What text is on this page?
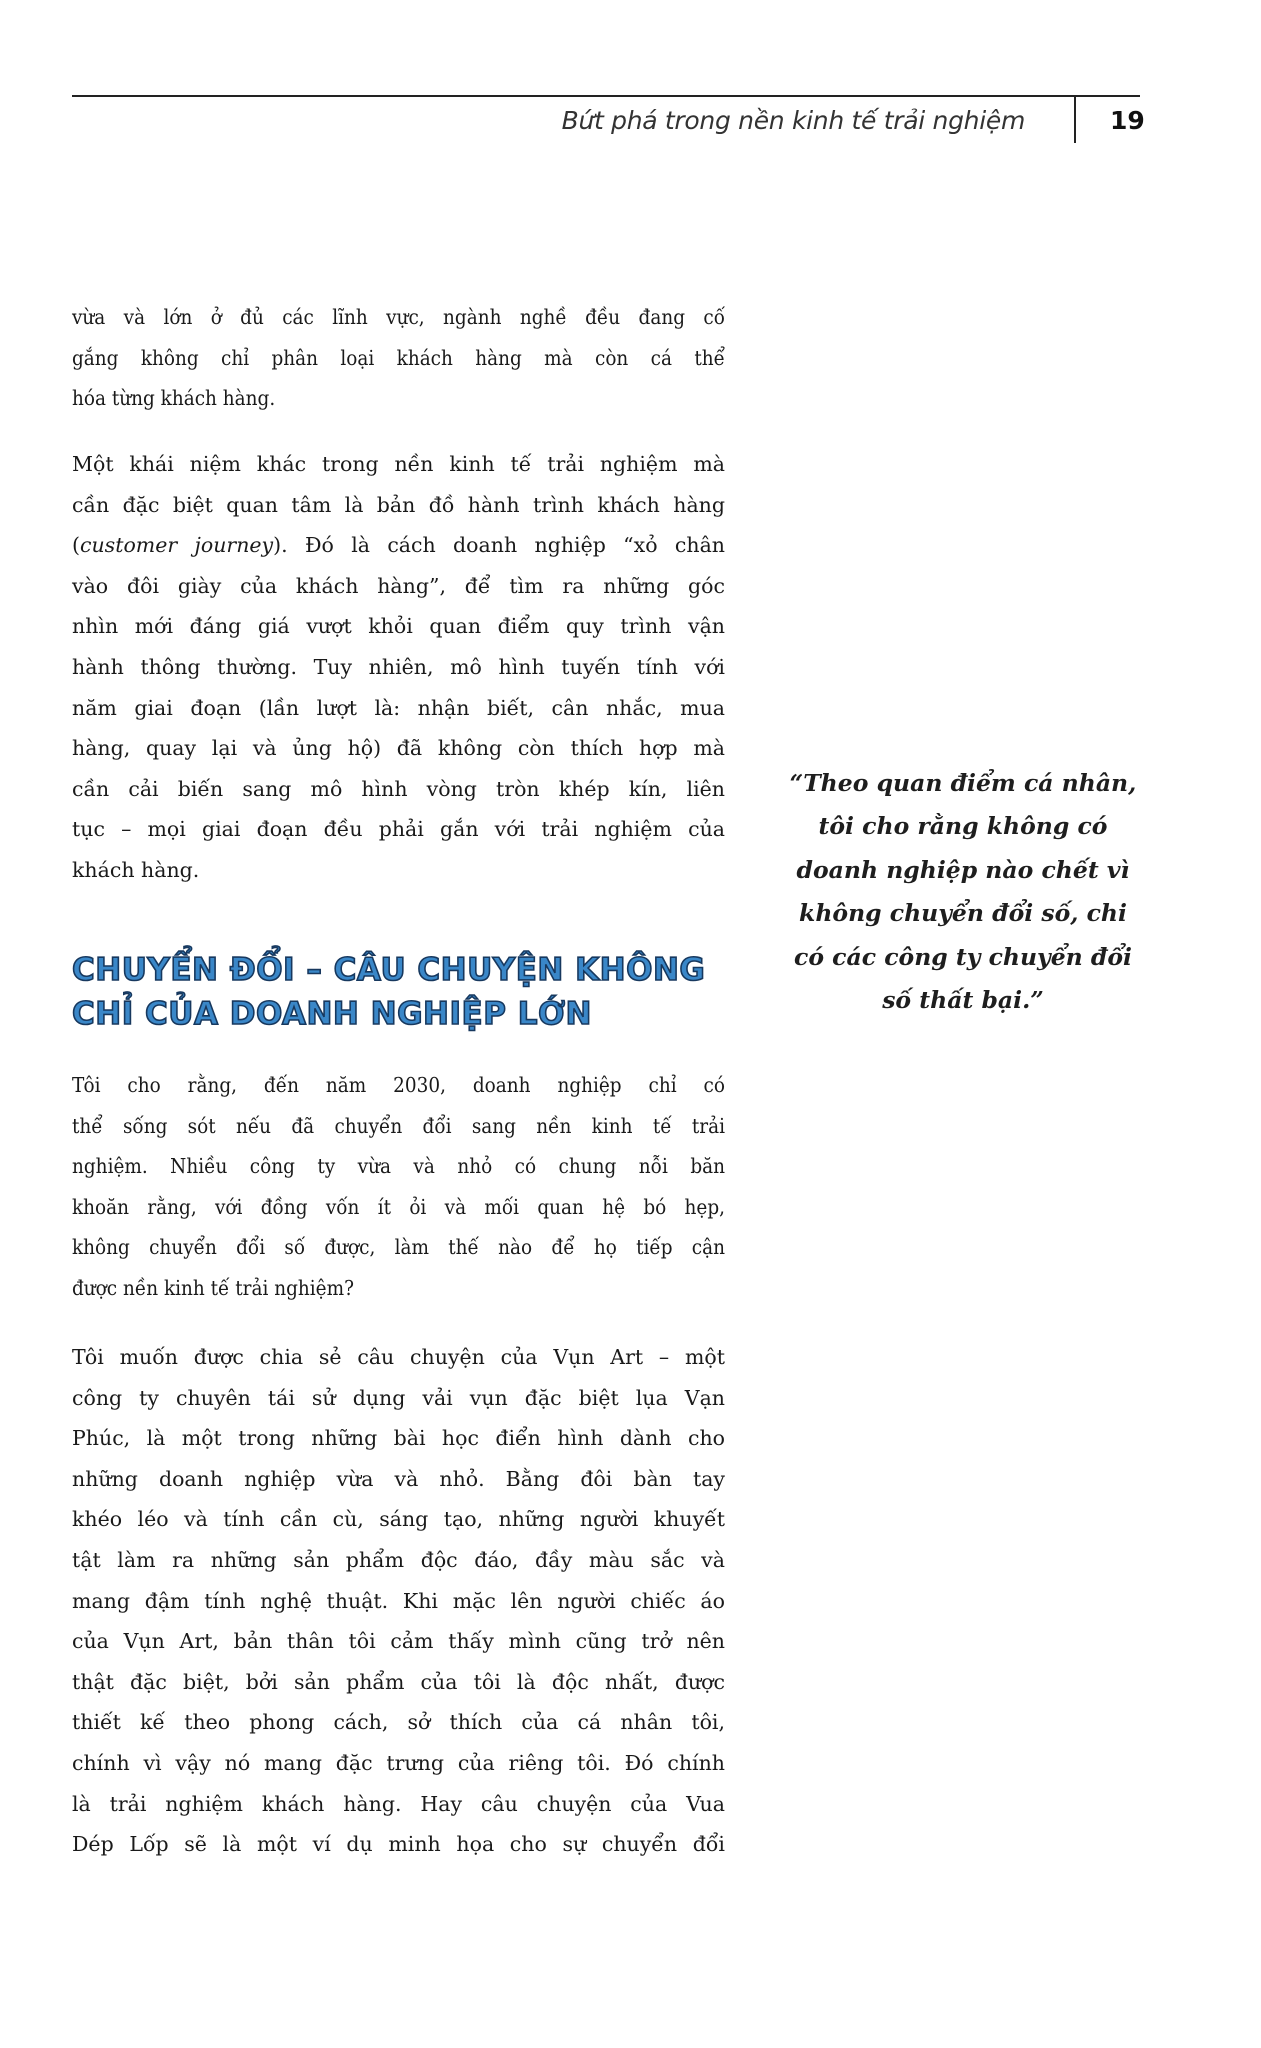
Bứt phá trong nền kinh tế trải nghiệm	19
vừa và lớn ở đủ các lĩnh vực, ngành nghề đều đang cố
gắng không chỉ phân loại khách hàng mà còn cá thể
hóa từng khách hàng.
Một khái niệm khác trong nền kinh tế trải nghiệm mà
cần đặc biệt quan tâm là bản đồ hành trình khách hàng
(customer journey). Đó là cách doanh nghiệp “xỏ chân
vào đôi giày của khách hàng”, để tìm ra những góc
nhìn mới đáng giá vượt khỏi quan điểm quy trình vận
hành thông thường. Tuy nhiên, mô hình tuyến tính với
năm giai đoạn (lần lượt là: nhận biết, cân nhắc, mua
hàng, quay lại và ủng hộ) đã không còn thích hợp mà
cần cải biến sang mô hình vòng tròn khép kín, liên
tục – mọi giai đoạn đều phải gắn với trải nghiệm của
khách hàng.
CHUYỂN ĐỔI – CÂU CHUYỆN KHÔNG
CHỈ CỦA DOANH NGHIỆP LỚN
Tôi cho rằng, đến năm 2030, doanh nghiệp chỉ có
thể sống sót nếu đã chuyển đổi sang nền kinh tế trải
nghiệm. Nhiều công ty vừa và nhỏ có chung nỗi băn
khoăn rằng, với đồng vốn ít ỏi và mối quan hệ bó hẹp,
không chuyển đổi số được, làm thế nào để họ tiếp cận
được nền kinh tế trải nghiệm?
Tôi muốn được chia sẻ câu chuyện của Vụn Art – một
công ty chuyên tái sử dụng vải vụn đặc biệt lụa Vạn
Phúc, là một trong những bài học điển hình dành cho
những doanh nghiệp vừa và nhỏ. Bằng đôi bàn tay
khéo léo và tính cần cù, sáng tạo, những người khuyết
tật làm ra những sản phẩm độc đáo, đầy màu sắc và
mang đậm tính nghệ thuật. Khi mặc lên người chiếc áo
của Vụn Art, bản thân tôi cảm thấy mình cũng trở nên
thật đặc biệt, bởi sản phẩm của tôi là độc nhất, được
thiết kế theo phong cách, sở thích của cá nhân tôi,
chính vì vậy nó mang đặc trưng của riêng tôi. Đó chính
là trải nghiệm khách hàng. Hay câu chuyện của Vua
Dép Lốp sẽ là một ví dụ minh họa cho sự chuyển đổi
“Theo quan điểm cá nhân,
tôi cho rằng không có
doanh nghiệp nào chết vì
không chuyển đổi số, chi
có các công ty chuyển đổi
số thất bại.”
